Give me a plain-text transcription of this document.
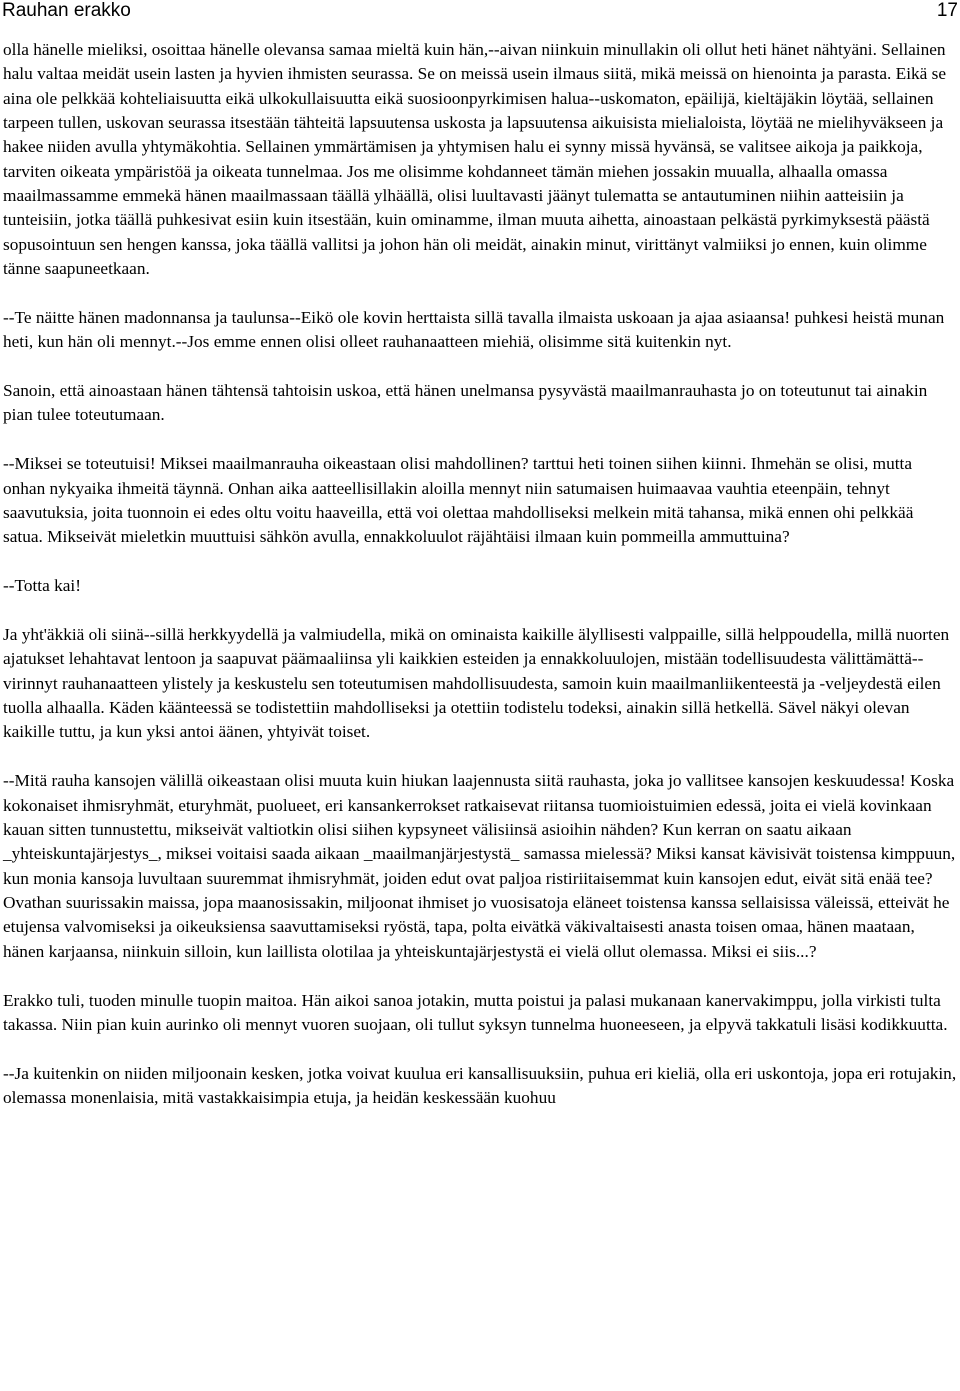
Rauhan erakko	17

olla hänelle mieliksi, osoittaa hänelle olevansa samaa mieltä kuin hän,--aivan niinkuin minullakin oli ollut heti hänet nähtyäni. Sellainen halu valtaa meidät usein lasten ja hyvien ihmisten seurassa. Se on meissä usein ilmaus siitä, mikä meissä on hienointa ja parasta. Eikä se aina ole pelkkää kohteliaisuutta eikä ulkokullaisuutta eikä suosioonpyrkimisen halua--uskomaton, epäilijä, kieltäjäkin löytää, sellainen tarpeen tullen, uskovan seurassa itsestään tähteitä lapsuutensa uskosta ja lapsuutensa aikuisista mielialoista, löytää ne mielihyväkseen ja hakee niiden avulla yhtymäkohtia. Sellainen ymmärtämisen ja yhtymisen halu ei synny missä hyvänsä, se valitsee aikoja ja paikkoja, tarviten oikeata ympäristöä ja oikeata tunnelmaa. Jos me olisimme kohdanneet tämän miehen jossakin muualla, alhaalla omassa maailmassamme emmekä hänen maailmassaan täällä ylhäällä, olisi luultavasti jäänyt tulematta se antautuminen niihin aatteisiin ja tunteisiin, jotka täällä puhkesivat esiin kuin itsestään, kuin ominamme, ilman muuta aihetta, ainoastaan pelkästä pyrkimyksestä päästä sopusointuun sen hengen kanssa, joka täällä vallitsi ja johon hän oli meidät, ainakin minut, virittänyt valmiiksi jo ennen, kuin olimme tänne saapuneetkaan.

--Te näitte hänen madonnansa ja taulunsa--Eikö ole kovin herttaista sillä tavalla ilmaista uskoaan ja ajaa asiaansa! puhkesi heistä munan heti, kun hän oli mennyt.--Jos emme ennen olisi olleet rauhanaatteen miehiä, olisimme sitä kuitenkin nyt.

Sanoin, että ainoastaan hänen tähtensä tahtoisin uskoa, että hänen unelmansa pysyvästä maailmanrauhasta jo on toteutunut tai ainakin pian tulee toteutumaan.

--Miksei se toteutuisi! Miksei maailmanrauha oikeastaan olisi mahdollinen? tarttui heti toinen siihen kiinni. Ihmehän se olisi, mutta onhan nykyaika ihmeitä täynnä. Onhan aika aatteellisillakin aloilla mennyt niin satumaisen huimaavaa vauhtia eteenpäin, tehnyt saavutuksia, joita tuonnoin ei edes oltu voitu haaveilla, että voi olettaa mahdolliseksi melkein mitä tahansa, mikä ennen ohi pelkkää satua. Mikseivät mieletkin muuttuisi sähkön avulla, ennakkoluulot räjähtäisi ilmaan kuin pommeilla ammuttuina?

--Totta kai!

Ja yht'äkkiä oli siinä--sillä herkkyydellä ja valmiudella, mikä on ominaista kaikille älyllisesti valppaille, sillä helppoudella, millä nuorten ajatukset lehahtavat lentoon ja saapuvat päämaaliinsa yli kaikkien esteiden ja ennakkoluulojen, mistään todellisuudesta välittämättä--virinnyt rauhanaatteen ylistely ja keskustelu sen toteutumisen mahdollisuudesta, samoin kuin maailmanliikenteestä ja -veljeydestä eilen tuolla alhaalla. Käden käänteessä se todistettiin mahdolliseksi ja otettiin todistelu todeksi, ainakin sillä hetkellä. Sävel näkyi olevan kaikille tuttu, ja kun yksi antoi äänen, yhtyivät toiset.

--Mitä rauha kansojen välillä oikeastaan olisi muuta kuin hiukan laajennusta siitä rauhasta, joka jo vallitsee kansojen keskuudessa! Koska kokonaiset ihmisryhmät, eturyhmät, puolueet, eri kansankerrokset ratkaisevat riitansa tuomioistuimien edessä, joita ei vielä kovinkaan kauan sitten tunnustettu, mikseivät valtiotkin olisi siihen kypsyneet välisiinsä asioihin nähden? Kun kerran on saatu aikaan _yhteiskuntajärjestys_, miksei voitaisi saada aikaan _maailmanjärjestystä_ samassa mielessä? Miksi kansat kävisivät toistensa kimppuun, kun monia kansoja luvultaan suuremmat ihmisryhmät, joiden edut ovat paljoa ristiriitaisemmat kuin kansojen edut, eivät sitä enää tee? Ovathan suurissakin maissa, jopa maanosissakin, miljoonat ihmiset jo vuosisatoja eläneet toistensa kanssa sellaisissa väleissä, etteivät he etujensa valvomiseksi ja oikeuksiensa saavuttamiseksi ryöstä, tapa, polta eivätkä väkivaltaisesti anasta toisen omaa, hänen maataan, hänen karjaansa, niinkuin silloin, kun laillista olotilaa ja yhteiskuntajärjestystä ei vielä ollut olemassa. Miksi ei siis...?

Erakko tuli, tuoden minulle tuopin maitoa. Hän aikoi sanoa jotakin, mutta poistui ja palasi mukanaan kanervakimppu, jolla virkisti tulta takassa. Niin pian kuin aurinko oli mennyt vuoren suojaan, oli tullut syksyn tunnelma huoneeseen, ja elpyvä takkatuli lisäsi kodikkuutta.

--Ja kuitenkin on niiden miljoonain kesken, jotka voivat kuulua eri kansallisuuksiin, puhua eri kieliä, olla eri uskontoja, jopa eri rotujakin, olemassa monenlaisia, mitä vastakkaisimpia etuja, ja heidän keskessään kuohuu
